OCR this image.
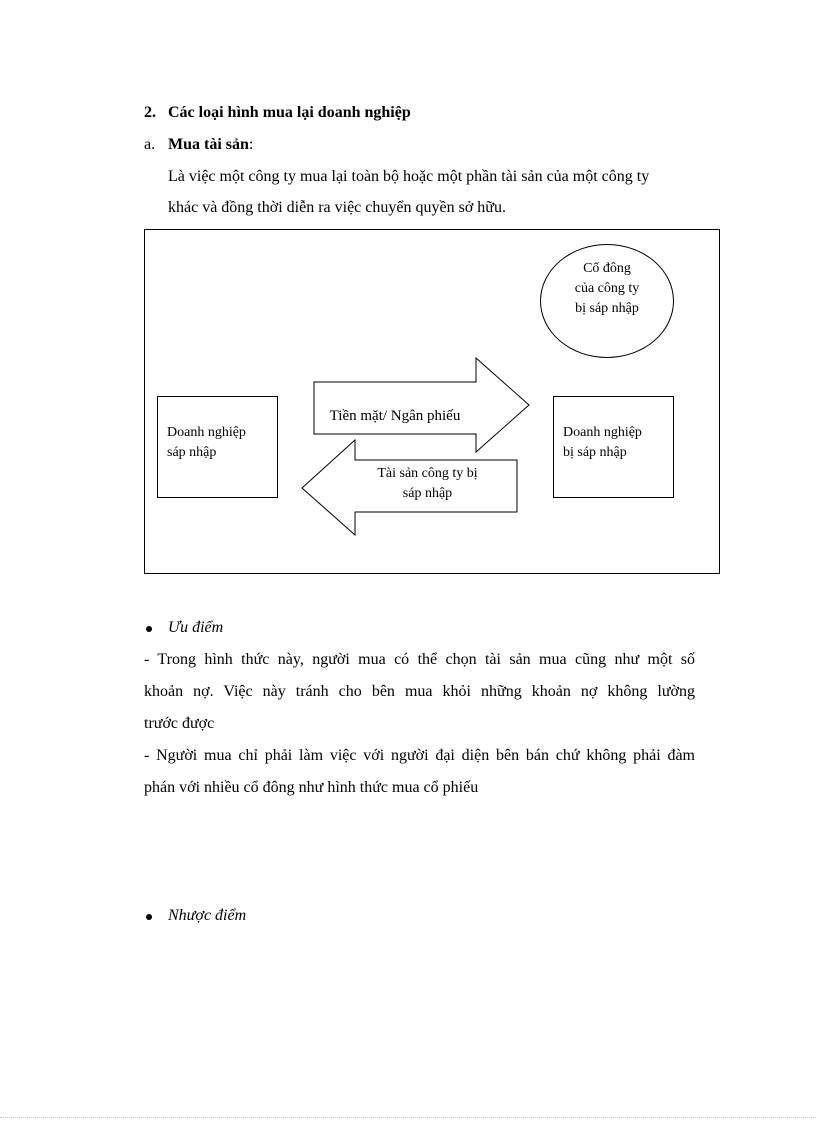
2. Các loại hình mua lại doanh nghiệp
a. Mua tài sản:
Là việc một công ty mua lại toàn bộ hoặc một phần tài sản của một công ty
khác và đồng thời diễn ra việc chuyển quyền sở hữu.
Doanh nghiệp
sáp nhập
Doanh nghiệp
bị sáp nhập
Cổ đông
của công ty
bị sáp nhập
Tiền mặt/ Ngân phiếu
Tài sản công ty bị
sáp nhập
Ưu điểm
- Trong hình thức này, người mua có thể chọn tài sản mua cũng như một số
khoản nợ. Việc này tránh cho bên mua khỏi những khoản nợ không lường
trước được
- Người mua chỉ phải làm việc với người đại diện bên bán chứ không phải đàm
phán với nhiều cổ đông như hình thức mua cổ phiếu
Nhược điểm
